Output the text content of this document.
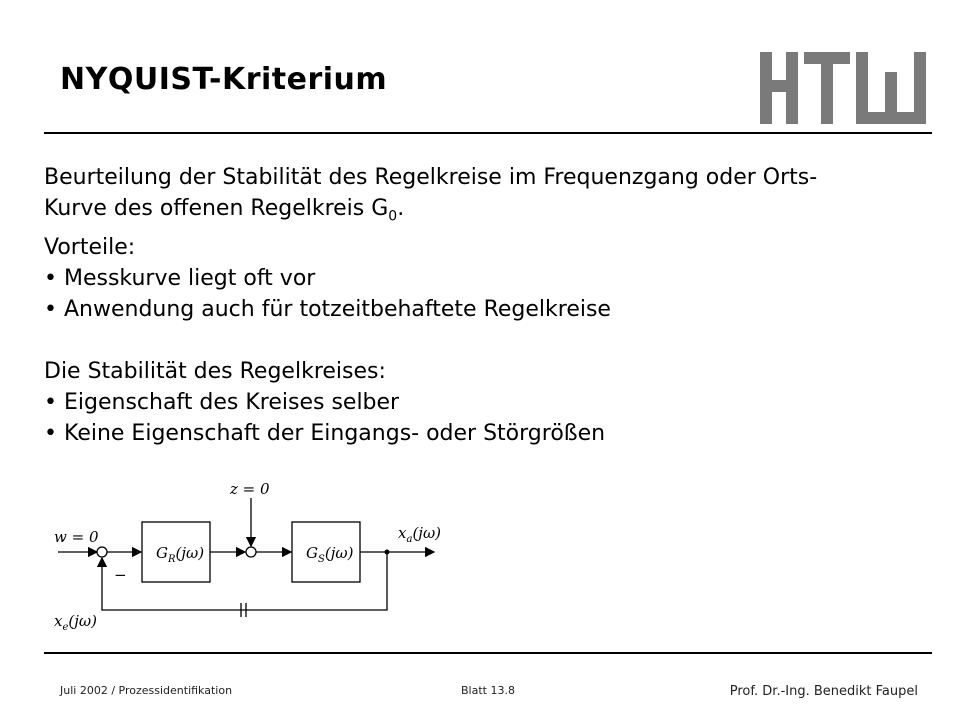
NYQUIST-Kriterium

Beurteilung der Stabilität des Regelkreise im Frequenzgang oder Orts-

Kurve des offenen Regelkreis $G_0$.

Vorteile:

• Messkurve liegt oft vor

• Anwendung auch für totzeitbehaftete Regelkreise

Die Stabilität des Regelkreises:

• Eigenschaft des Kreises selber

• Keine Eigenschaft der Eingangs- oder Störgrößen

w = 0
z = 0
−
$G_R(j\omega)$	$G_S(j\omega)$
$x_a(j\omega)$
$x_e(j\omega)$
Juli 2002 / Prozessidentifikation	Blatt 13.8	Prof. Dr.-Ing. Benedikt Faupel
